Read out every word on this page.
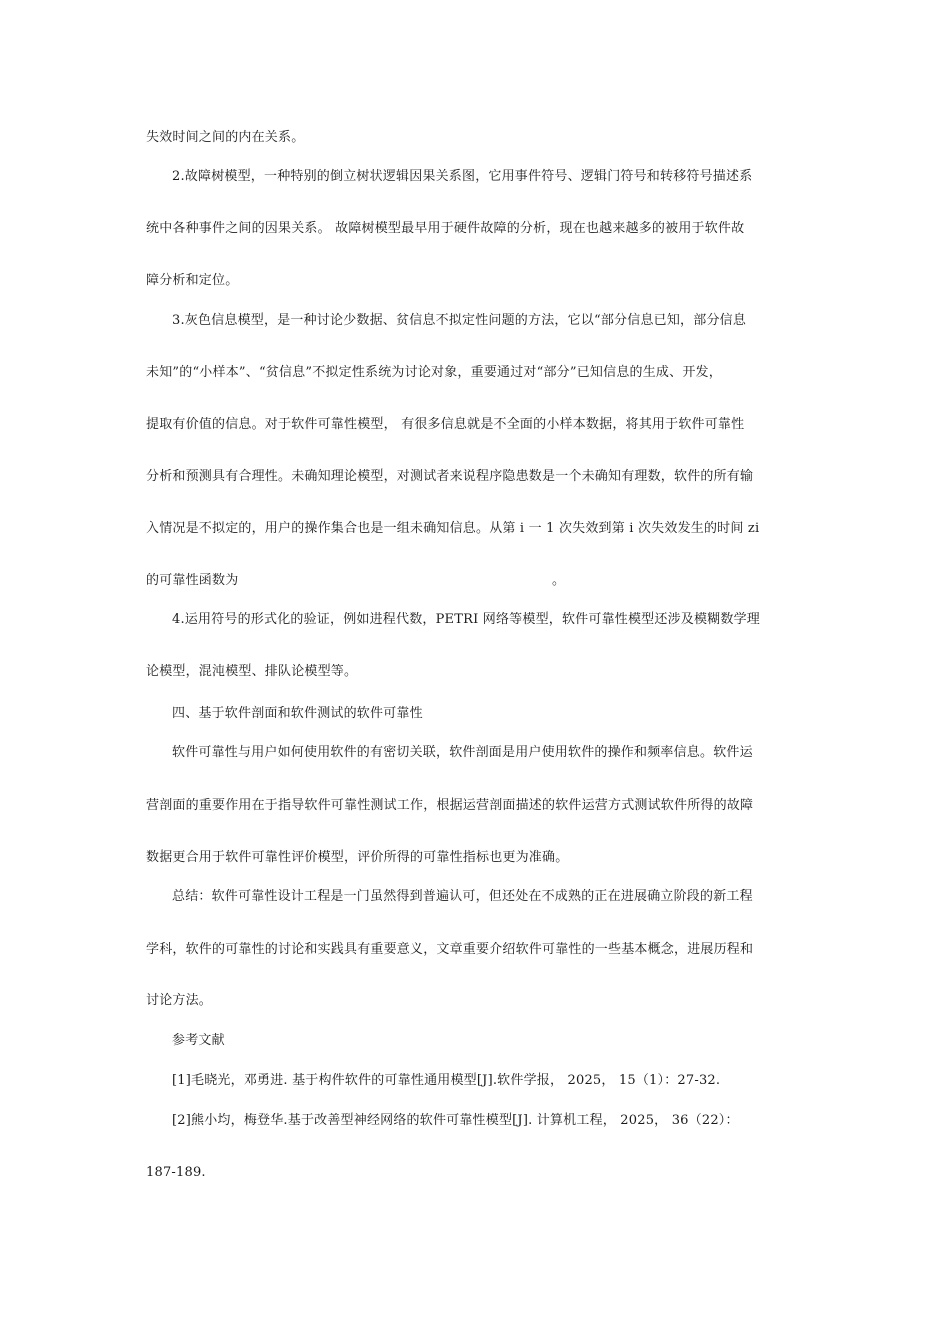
失效时间之间的内在关系。
2.故障树模型，一种特别的倒立树状逻辑因果关系图，它用事件符号、逻辑门符号和转移符号描述系
统中各种事件之间的因果关系。 故障树模型最早用于硬件故障的分析，现在也越来越多的被用于软件故
障分析和定位。
3.灰色信息模型，是一种讨论少数据、贫信息不拟定性问题的方法，它以“部分信息已知，部分信息
未知”的“小样本”、“贫信息”不拟定性系统为讨论对象，重要通过对“部分”已知信息的生成、开发，
提取有价值的信息。对于软件可靠性模型， 有很多信息就是不全面的小样本数据，将其用于软件可靠性
分析和预测具有合理性。未确知理论模型，对测试者来说程序隐患数是一个未确知有理数，软件的所有输
入情况是不拟定的，用户的操作集合也是一组未确知信息。从第 i 一 1 次失效到第 i 次失效发生的时间 zi
的可靠性函数为	。
4.运用符号的形式化的验证，例如进程代数，PETRI 网络等模型，软件可靠性模型还涉及模糊数学理
论模型，混沌模型、排队论模型等。
四、基于软件剖面和软件测试的软件可靠性
软件可靠性与用户如何使用软件的有密切关联，软件剖面是用户使用软件的操作和频率信息。软件运
营剖面的重要作用在于指导软件可靠性测试工作，根据运营剖面描述的软件运营方式测试软件所得的故障
数据更合用于软件可靠性评价模型，评价所得的可靠性指标也更为准确。
总结：软件可靠性设计工程是一门虽然得到普遍认可，但还处在不成熟的正在进展确立阶段的新工程
学科，软件的可靠性的讨论和实践具有重要意义，文章重要介绍软件可靠性的一些基本概念，进展历程和
讨论方法。
参考文献
[1]毛晓光，邓勇进. 基于构件软件的可靠性通用模型[J].软件学报， 2025， 15（1）：27-32.
[2]熊小均，梅登华.基于改善型神经网络的软件可靠性模型[J]. 计算机工程， 2025， 36（22）：
187-189.
